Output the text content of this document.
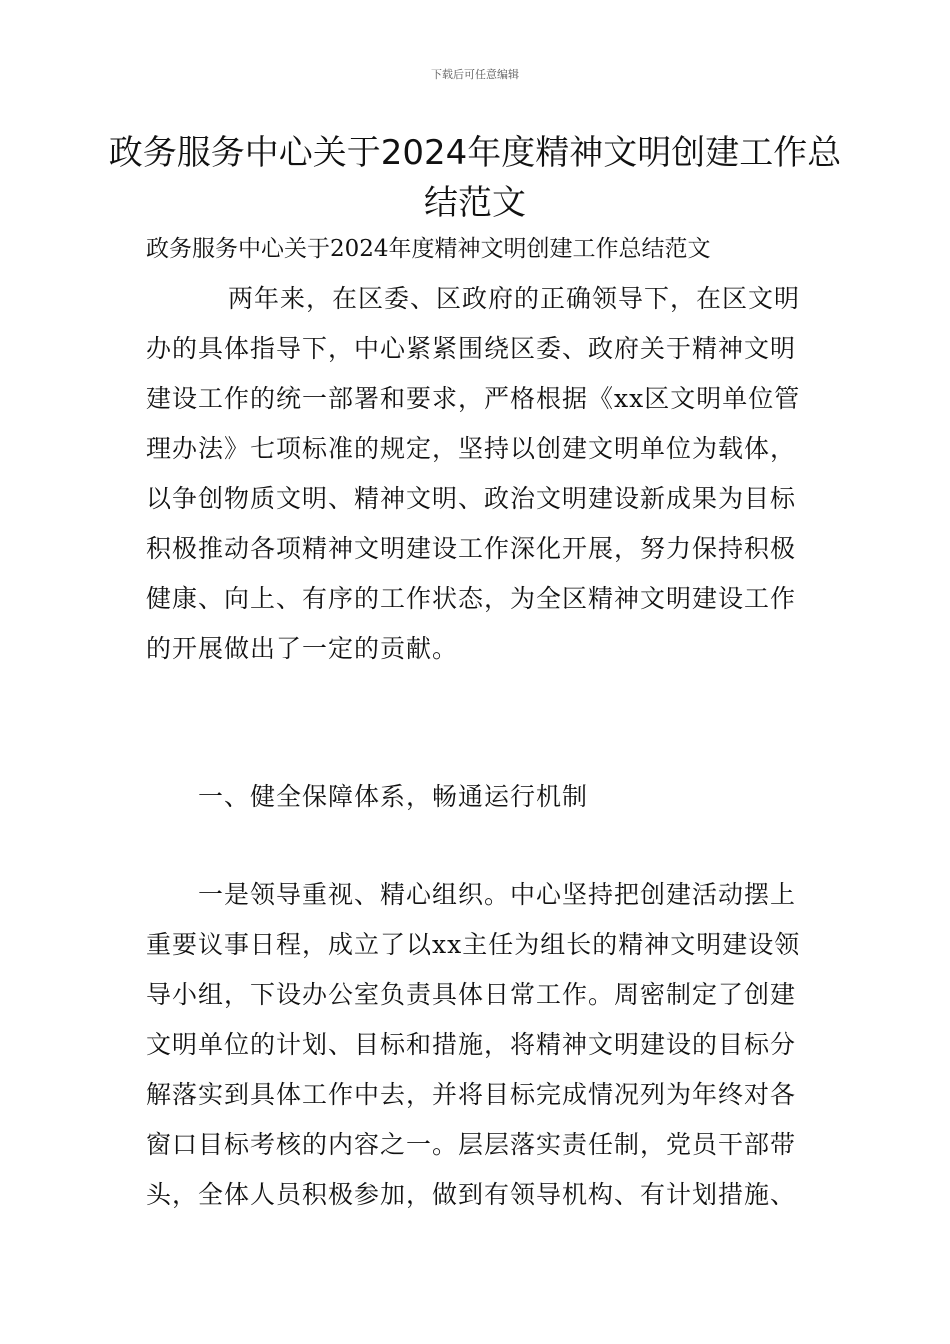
下载后可任意编辑
政务服务中心关于2024年度精神文明创建工作总结范文

政务服务中心关于2024年度精神文明创建工作总结范文

两年来，在区委、区政府的正确领导下，在区文明办的具体指导下，中心紧紧围绕区委、政府关于精神文明建设工作的统一部署和要求，严格根据《xx区文明单位管理办法》七项标准的规定，坚持以创建文明单位为载体，以争创物质文明、精神文明、政治文明建设新成果为目标积极推动各项精神文明建设工作深化开展，努力保持积极健康、向上、有序的工作状态，为全区精神文明建设工作的开展做出了一定的贡献。

一、健全保障体系，畅通运行机制

一是领导重视、精心组织。中心坚持把创建活动摆上重要议事日程，成立了以xx主任为组长的精神文明建设领导小组，下设办公室负责具体日常工作。周密制定了创建文明单位的计划、目标和措施，将精神文明建设的目标分解落实到具体工作中去，并将目标完成情况列为年终对各窗口目标考核的内容之一。层层落实责任制，党员干部带头，全体人员积极参加，做到有领导机构、有计划措施、
